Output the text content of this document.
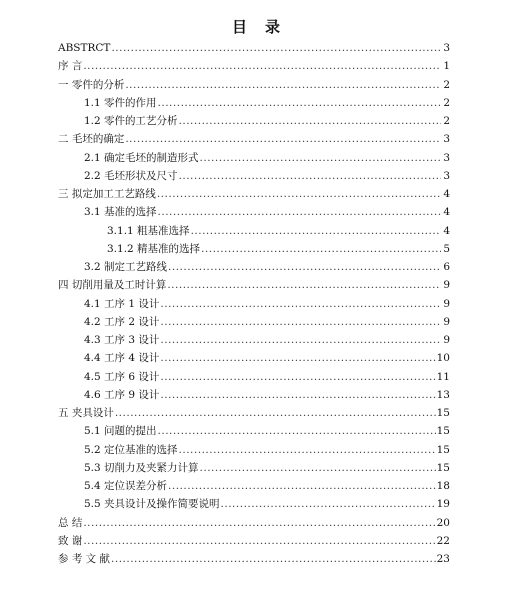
目 录
ABSTRCT .....	3
序 言 .....	1
一 零件的分析 .....	2
1.1 零件的作用 .....	2
1.2 零件的工艺分析 .....	2
二 毛坯的确定 .....	3
2.1 确定毛坯的制造形式 .....	3
2.2 毛坯形状及尺寸 .....	3
三 拟定加工工艺路线 .....	4
3.1 基准的选择 .....	4
3.1.1 粗基准选择 .....	4
3.1.2 精基准的选择 .....	5
3.2 制定工艺路线 .....	6
四 切削用量及工时计算 .....	9
4.1 工序 1 设计 .....	9
4.2 工序 2 设计 .....	9
4.3 工序 3 设计 .....	9
4.4 工序 4 设计 .....	10
4.5 工序 6 设计 .....	11
4.6 工序 9 设计 .....	13
五 夹具设计 .....	15
5.1 问题的提出 .....	15
5.2 定位基准的选择 .....	15
5.3 切削力及夹紧力计算 .....	15
5.4 定位误差分析 .....	18
5.5 夹具设计及操作简要说明 .....	19
总 结 .....	20
致 谢 .....	22
参 考 文 献 .....	23
